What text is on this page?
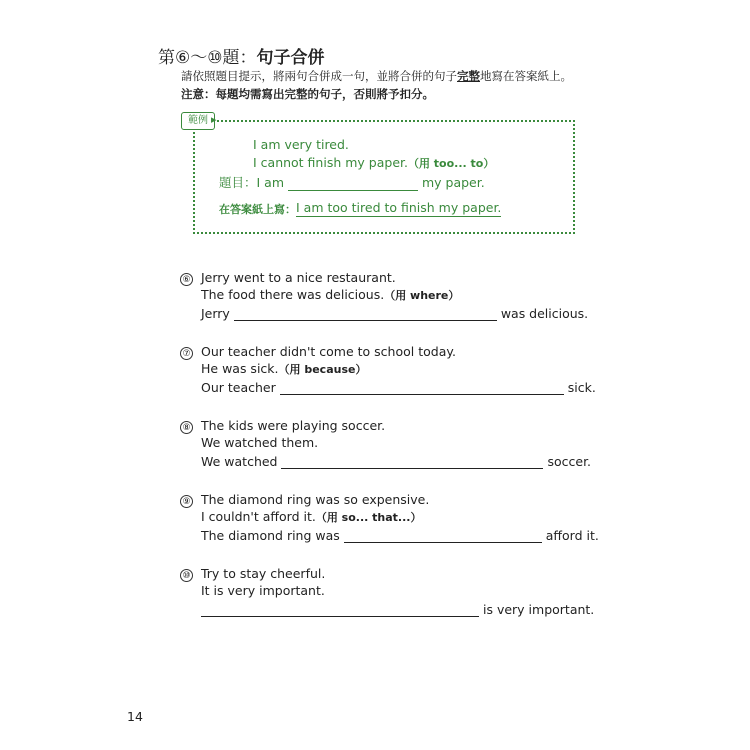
第⑥～⑩題：句子合併
請依照題目提示，將兩句合併成一句，並將合併的句子完整地寫在答案紙上。
注意：每題均需寫出完整的句子，否則將予扣分。
範例 ▸
I am very tired.
I cannot finish my paper.（用 too... to）
題目：I am	my paper.
在答案紙上寫：I am too tired to finish my paper.
⑥ Jerry went to a nice restaurant.
The food there was delicious.（用 where）
Jerry	was delicious.
⑦ Our teacher didn't come to school today.
He was sick.（用 because）
Our teacher	sick.
⑧ The kids were playing soccer.
We watched them.
We watched	soccer.
⑨ The diamond ring was so expensive.
I couldn't afford it.（用 so... that...）
The diamond ring was	afford it.
⑩ Try to stay cheerful.
It is very important.
is very important.
14
